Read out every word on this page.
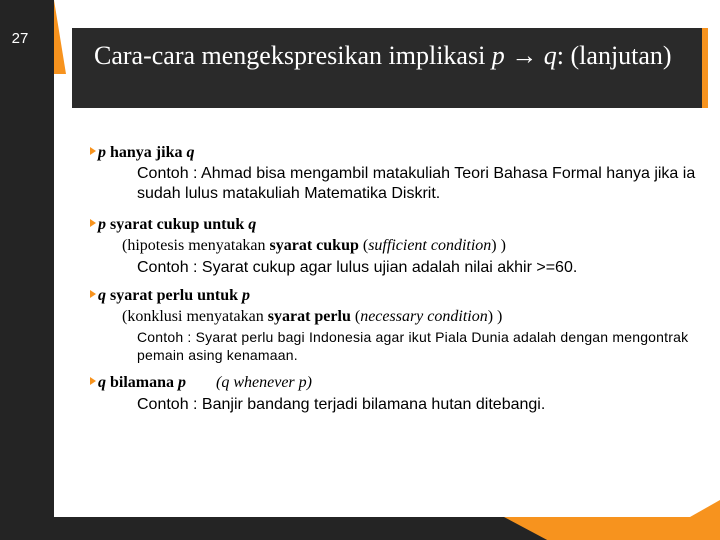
27
Cara-cara mengekspresikan implikasi p → q: (lanjutan)
p hanya jika q
Contoh : Ahmad bisa mengambil matakuliah Teori Bahasa Formal hanya jika ia sudah lulus matakuliah Matematika Diskrit.
p syarat cukup untuk q
(hipotesis menyatakan syarat cukup (sufficient condition) )
Contoh : Syarat cukup agar lulus ujian adalah nilai akhir >=60.
q syarat perlu untuk p
(konklusi menyatakan syarat perlu (necessary condition) )
Contoh : Syarat perlu bagi Indonesia agar ikut Piala Dunia adalah dengan mengontrak pemain asing kenamaan.
q bilamana p (q whenever p)
Contoh : Banjir bandang terjadi bilamana hutan ditebangi.
